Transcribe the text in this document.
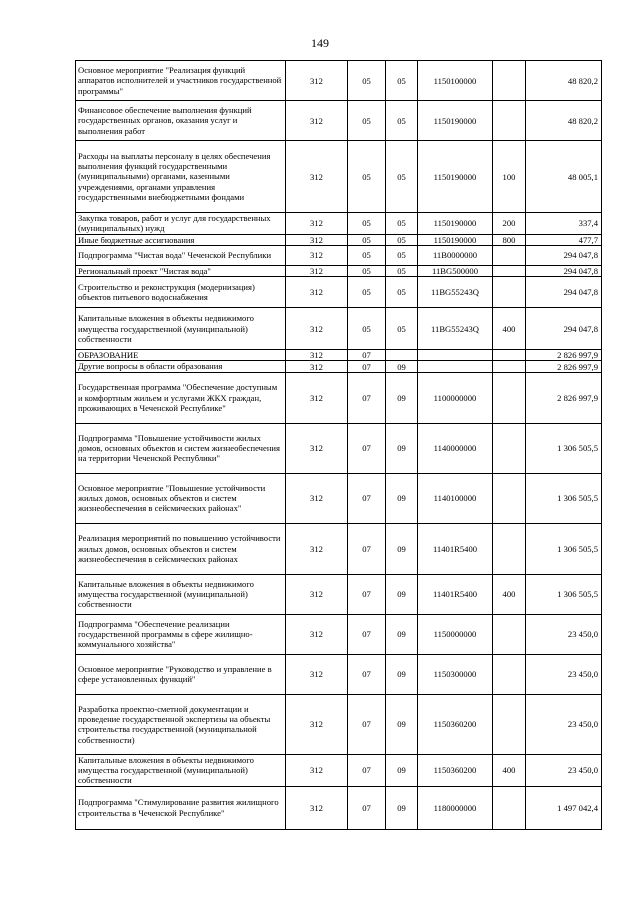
149
Основное мероприятие "Реализация функций аппаратов исполнителей и участников государственной программы"	312	05	05	1150100000		48 820,2
Финансовое обеспечение выполнения функций государственных органов, оказания услуг и выполнения работ	312	05	05	1150190000		48 820,2
Расходы на выплаты персоналу в целях обеспечения выполнения функций государственными (муниципальными) органами, казенными учреждениями, органами управления государственными внебюджетными фондами	312	05	05	1150190000	100	48 005,1
Закупка товаров, работ и услуг для государственных (муниципальных) нужд	312	05	05	1150190000	200	337,4
Иные бюджетные ассигнования	312	05	05	1150190000	800	477,7
Подпрограмма "Чистая вода" Чеченской Республики	312	05	05	11В0000000		294 047,8
Региональный проект "Чистая вода"	312	05	05	11ВG500000		294 047,8
Строительство и реконструкция (модернизация) объектов питьевого водоснабжения	312	05	05	11BG55243Q		294 047,8
Капитальные вложения в объекты недвижимого имущества государственной (муниципальной) собственности	312	05	05	11BG55243Q	400	294 047,8
ОБРАЗОВАНИЕ	312	07				2 826 997,9
Другие вопросы в области образования	312	07	09			2 826 997,9
Государственная программа "Обеспечение доступным и комфортным жильем и услугами ЖКХ граждан, проживающих в Чеченской Республике"	312	07	09	1100000000		2 826 997,9
Подпрограмма "Повышение устойчивости жилых домов, основных объектов и систем жизнеобеспечения на территории Чеченской Республики"	312	07	09	1140000000		1 306 505,5
Основное мероприятие "Повышение устойчивости жилых домов, основных объектов и систем жизнеобеспечения в сейсмических районах"	312	07	09	1140100000		1 306 505,5
Реализация мероприятий по повышению устойчивости жилых домов, основных объектов и систем жизнеобеспечения в сейсмических районах	312	07	09	11401R5400		1 306 505,5
Капитальные вложения в объекты недвижимого имущества государственной (муниципальной) собственности	312	07	09	11401R5400	400	1 306 505,5
Подпрограмма "Обеспечение реализации государственной программы в сфере жилищно-коммунального хозяйства"	312	07	09	1150000000		23 450,0
Основное мероприятие "Руководство и управление в сфере установленных функций"	312	07	09	1150300000		23 450,0
Разработка проектно-сметной документации и проведение государственной экспертизы на объекты строительства государственной (муниципальной собственности)	312	07	09	1150360200		23 450,0
Капитальные вложения в объекты недвижимого имущества государственной (муниципальной) собственности	312	07	09	1150360200	400	23 450,0
Подпрограмма "Стимулирование развития жилищного строительства в Чеченской Республике"	312	07	09	1180000000		1 497 042,4
